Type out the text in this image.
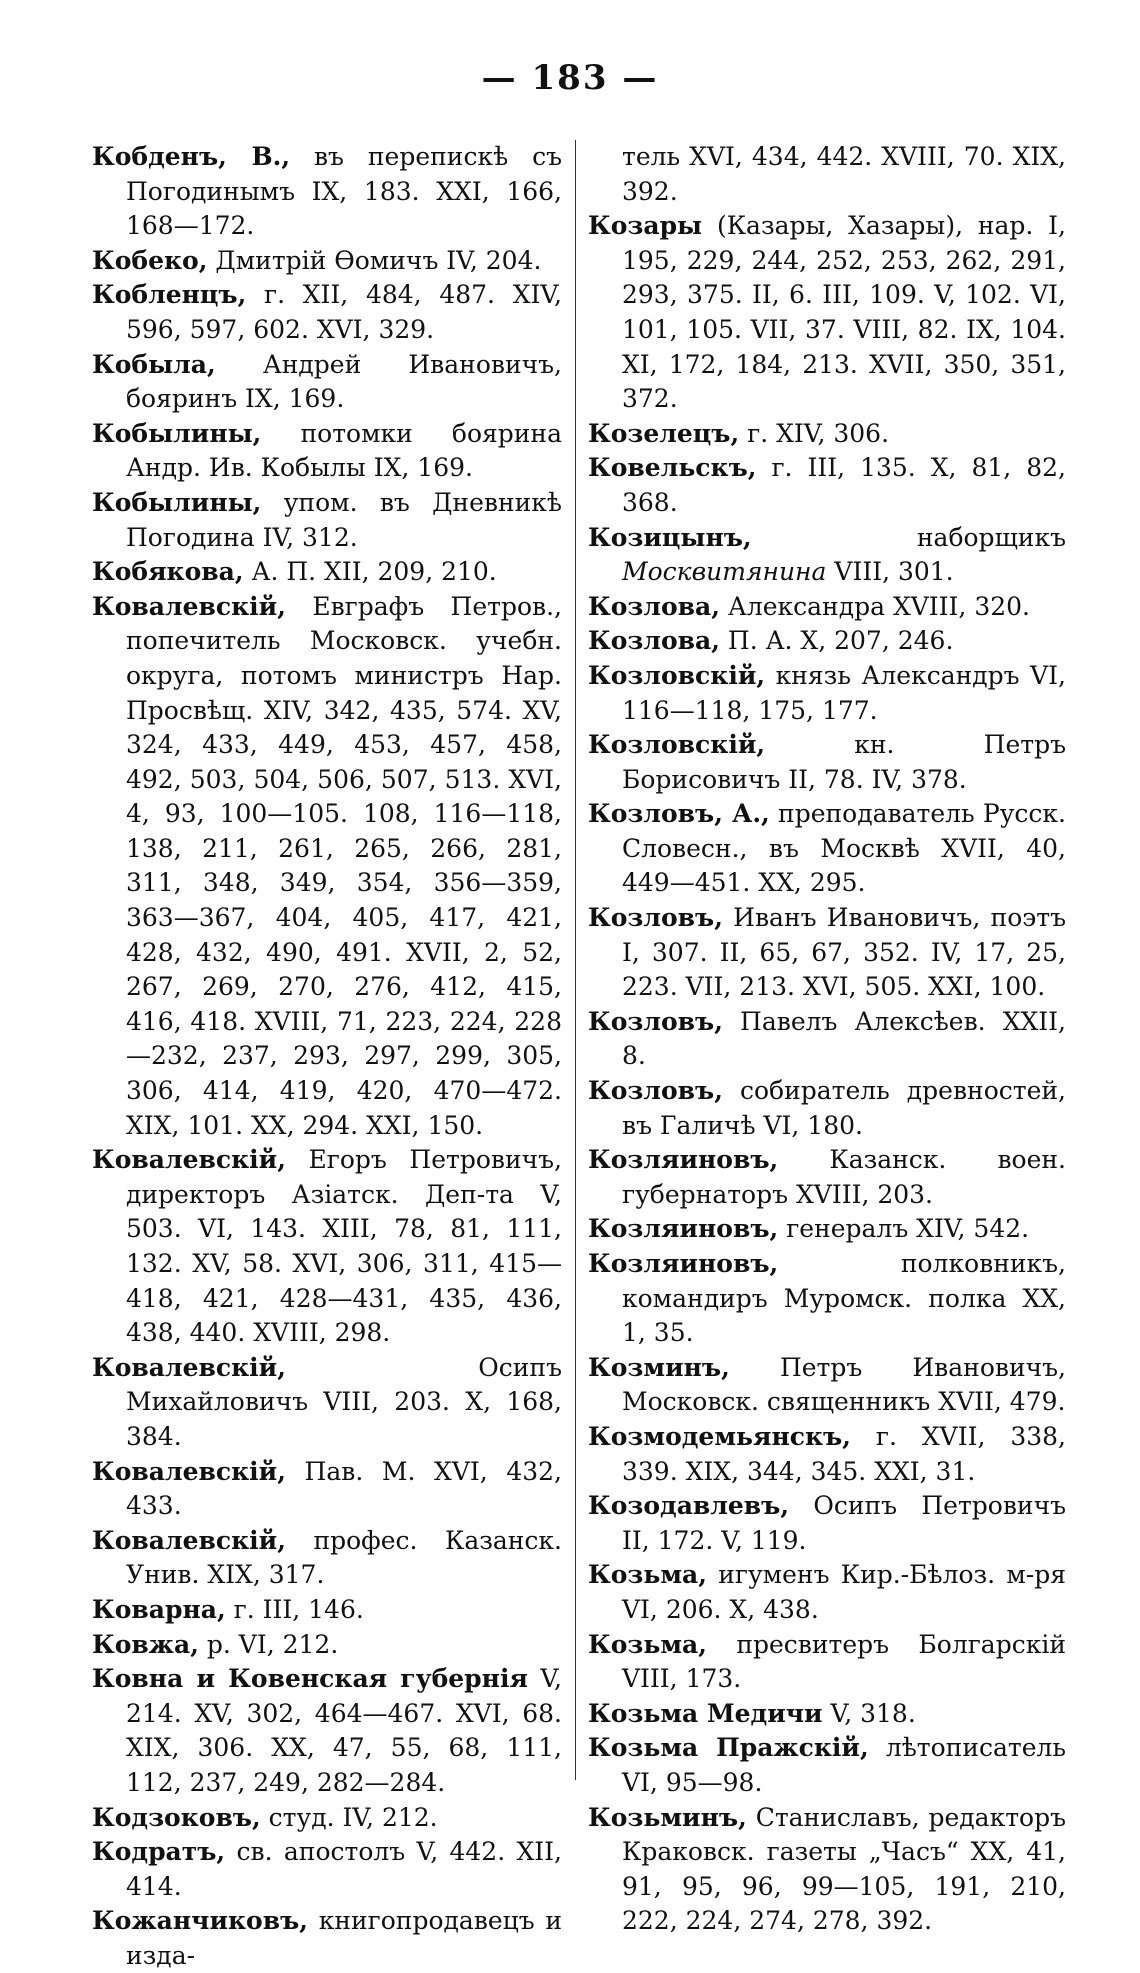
— 183 —

Кобденъ, В., въ перепискѣ съ Погодинымъ IX, 183. XXI, 166, 168—172.

Кобеко, Дмитрій Ѳомичъ IV, 204.

Кобленцъ, г. XII, 484, 487. XIV, 596, 597, 602. XVI, 329.

Кобыла, Андрей Ивановичъ, бояринъ IX, 169.

Кобылины, потомки боярина Андр. Ив. Кобылы IX, 169.

Кобылины, упом. въ Дневникѣ Погодина IV, 312.

Кобякова, А. П. XII, 209, 210.

Ковалевскій, Евграфъ Петров., попечитель Московск. учебн. округа, потомъ министръ Нар. Просвѣщ. XIV, 342, 435, 574. XV, 324, 433, 449, 453, 457, 458, 492, 503, 504, 506, 507, 513. XVI, 4, 93, 100—105. 108, 116—118, 138, 211, 261, 265, 266, 281, 311, 348, 349, 354, 356—359, 363—367, 404, 405, 417, 421, 428, 432, 490, 491. XVII, 2, 52, 267, 269, 270, 276, 412, 415, 416, 418. XVIII, 71, 223, 224, 228—232, 237, 293, 297, 299, 305, 306, 414, 419, 420, 470—472. XIX, 101. XX, 294. XXI, 150.

Ковалевскій, Егоръ Петровичъ, директоръ Азіатск. Деп-та V, 503. VI, 143. XIII, 78, 81, 111, 132. XV, 58. XVI, 306, 311, 415—418, 421, 428—431, 435, 436, 438, 440. XVIII, 298.

Ковалевскій,	Осипъ Михайловичъ VIII, 203. X, 168, 384.

Ковалевскій, Пав. М. XVI, 432, 433.

Ковалевскій, профес. Казанск. Унив. XIX, 317.

Коварна, г. III, 146.

Ковжа, р. VI, 212.

Ковна и Ковенская губернія V, 214. XV, 302, 464—467. XVI, 68. XIX, 306. XX, 47, 55, 68, 111, 112, 237, 249, 282—284.

Кодзоковъ, студ. IV, 212.

Кодратъ, св. апостолъ V, 442. XII, 414.

Кожанчиковъ, книгопродавецъ и изда-

тель XVI, 434, 442. XVIII, 70. XIX, 392.

Козары (Казары, Хазары), нар. I, 195, 229, 244, 252, 253, 262, 291, 293, 375. II, 6. III, 109. V, 102. VI, 101, 105. VII, 37. VIII, 82. IX, 104. XI, 172, 184, 213. XVII, 350, 351, 372.

Козелецъ, г. XIV, 306.

Ковельскъ, г. III, 135. X, 81, 82, 368.

Козицынъ,	наборщикъ Москвитянина VIII, 301.

Козлова, Александра XVIII, 320.

Козлова, П. А. X, 207, 246.

Козловскій, князь Александръ VI, 116—118, 175, 177.

Козловскій,	кн. Петръ Борисовичъ II, 78. IV, 378.

Козловъ, А., преподаватель Русск. Словесн., въ Москвѣ XVII, 40, 449—451. XX, 295.

Козловъ, Иванъ Ивановичъ, поэтъ I, 307. II, 65, 67, 352. IV, 17, 25, 223. VII, 213. XVI, 505. XXI, 100.

Козловъ, Павелъ Алексѣев. XXII, 8.

Козловъ, собиратель древностей, въ Галичѣ VI, 180.

Козляиновъ, Казанск. воен. губернаторъ XVIII, 203.

Козляиновъ, генералъ XIV, 542.

Козляиновъ,	полковникъ, командиръ Муромск. полка XX, 1, 35.

Козминъ, Петръ Ивановичъ, Московск. священникъ XVII, 479.

Козмодемьянскъ, г. XVII, 338, 339. XIX, 344, 345. XXI, 31.

Козодавлевъ, Осипъ Петровичъ II, 172. V, 119.

Козьма, игуменъ Кир.-Бѣлоз. м-ря VI, 206. X, 438.

Козьма, пресвитеръ Болгарскій VIII, 173.

Козьма Медичи V, 318.

Козьма Пражскій, лѣтописатель VI, 95—98.

Козьминъ, Станиславъ, редакторъ Краковск. газеты „Часъ“ XX, 41, 91, 95, 96, 99—105, 191, 210, 222, 224, 274, 278, 392.
